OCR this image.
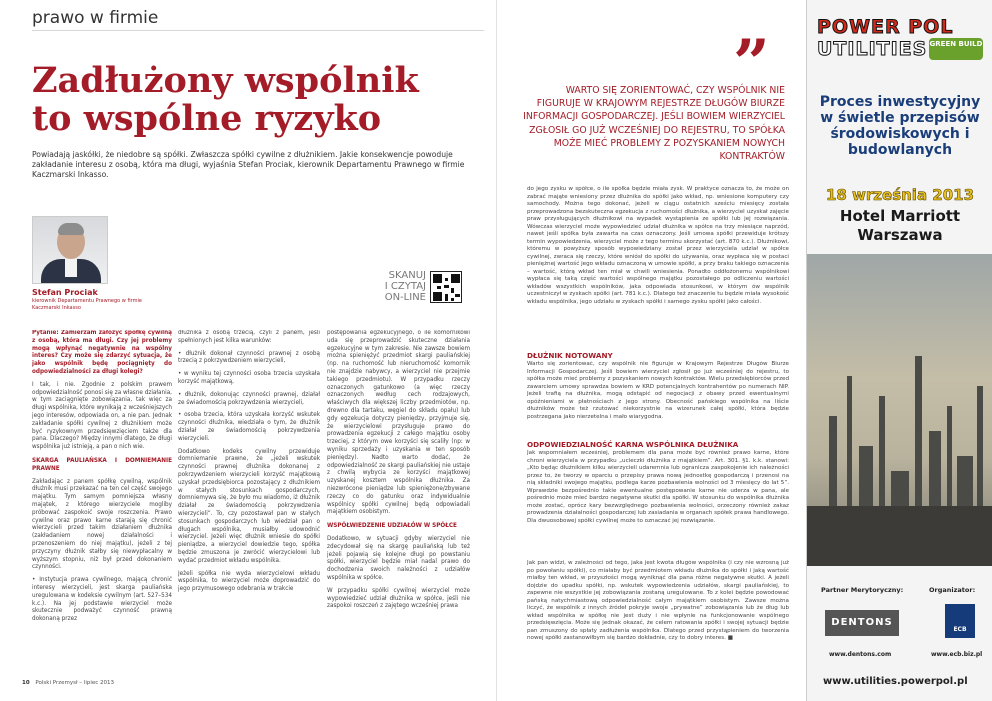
prawo w firmie
Zadłużony wspólnik
to wspólne ryzyko

Powiadają jaskółki, że niedobre są spółki. Zwłaszcza spółki cywilne z dłużnikiem. Jakie konsekwencje powoduje zakładanie interesu z osobą, która ma długi, wyjaśnia Stefan Prociak, kierownik Departamentu Prawnego w firmie Kaczmarski Inkasso.

Stefan Prociak
kierownik Departamentu Prawnego w firmie Kaczmarski Inkasso
SKANUJ
I CZYTAJ
ON-LINE

Pytanie: Zamierzam założyć spółkę cywilną z osobą, która ma długi. Czy jej problemy mogą wpłynąć negatywnie na wspólny interes? Czy może się zdarzyć sytuacja, że jako wspólnik będę pociągnięty do odpowiedzialności za długi kolegi?

I tak, i nie. Zgodnie z polskim prawem odpowiedzialność ponosi się za własne działania, w tym zaciągnięte zobowiązania, tak więc za długi wspólnika, które wynikają z wcześniejszych jego interesów, odpowiada on, a nie pan. Jednak zakładanie spółki cywilnej z dłużnikiem może być ryzykownym przedsięwzięciem także dla pana. Dlaczego? Między innymi dlatego, że długi wspólnika już istnieją, a pan o nich wie.

SKARGA PAULIAŃSKA I DOMNIEMANIE PRAWNE

Zakładając z panem spółkę cywilną, wspólnik dłużnik musi przekazać na ten cel część swojego majątku. Tym samym pomniejsza własny majątek, z którego wierzyciele mogliby próbować zaspokoić swoje roszczenia. Prawo cywilne oraz prawo karne starają się chronić wierzycieli przed takim działaniem dłużnika (zakładaniem nowej działalności i przenoszeniem do niej majątku), jeżeli z tej przyczyny dłużnik stałby się niewypłacalny w wyższym stopniu, niż był przed dokonaniem czynności.

• Instytucja prawa cywilnego, mającą chronić interesy wierzycieli, jest skarga pauliańska uregulowana w kodeksie cywilnym (art. 527–534 k.c.). Na jej podstawie wierzyciel może skutecznie podważyć czynność prawną dokonaną przez

dłużnika z osobą trzecią, czyli z panem, jeśli spełnionych jest kilka warunków:

• dłużnik dokonał czynności prawnej z osobą trzecią z pokrzywdzeniem wierzycieli,

• w wyniku tej czynności osoba trzecia uzyskała korzyść majątkową,

• dłużnik, dokonując czynności prawnej, działał ze świadomością pokrzywdzenia wierzycieli,

• osoba trzecia, która uzyskała korzyść wskutek czynności dłużnika, wiedziała o tym, że dłużnik działał ze świadomością pokrzywdzenia wierzycieli.

Dodatkowo kodeks cywilny przewiduje domniemanie prawne, że „jeżeli wskutek czynności prawnej dłużnika dokonanej z pokrzywdzeniem wierzycieli korzyść majątkową uzyskał przedsiębiorca pozostający z dłużnikiem w stałych stosunkach gospodarczych, domniemywa się, że było mu wiadomo, iż dłużnik działał ze świadomością pokrzywdzenia wierzycieli”. To, czy pozostawał pan w stałych stosunkach gospodarczych lub wiedział pan o długach wspólnika, musiałby udowodnić wierzyciel. Jeżeli więc dłużnik wniesie do spółki pieniądze, a wierzyciel dowiedzie tego, spółka będzie zmuszona je zwrócić wierzycielowi lub wydać przedmiot wkładu wspólnika.

Jeżeli spółka nie wyda wierzycielowi wkładu wspólnika, to wierzyciel może doprowadzić do jego przymusowego odebrania w trakcie

postępowania egzekucyjnego, o ile komornikowi uda się przeprowadzić skuteczne działania egzekucyjne w tym zakresie. Nie zawsze bowiem można spieniężyć przedmiot skargi pauliańskiej (np. na ruchomość lub nieruchomość komornik nie znajdzie nabywcy, a wierzyciel nie przejmie takiego przedmiotu). W przypadku rzeczy oznaczonych gatunkowo (a więc rzeczy oznaczonych według cech rodzajowych, właściwych dla większej liczby przedmiotów, np. drewno dla tartaku, węgiel do składu opału) lub gdy egzekucja dotyczy pieniędzy, przyjmuje się, że wierzycielowi przysługuje prawo do prowadzenia egzekucji z całego majątku osoby trzeciej, z którym owe korzyści się scaliły (np: w wyniku sprzedaży i uzyskania w ten sposób pieniędzy). Nadto warto dodać, że odpowiedzialność ze skargi pauliańskiej nie ustaje z chwilą wybycia ze korzyści majątkowej uzyskanej kosztem wspólnika dłużnika. Za niezwrócone pieniądze lub spieniężone/zbywane rzeczy co do gatunku oraz indywidualnie wspólnicy spółki cywilnej będą odpowiadali majątkiem osobistym.

WSPÓŁWIEDZENIE UDZIAŁÓW W SPÓŁCE

Dodatkowo, w sytuacji gdyby wierzyciel nie zdecydował się na skargę pauliańską lub też jeżeli pojawią się kolejne długi po powstaniu spółki, wierzyciel będzie miał nadal prawo do dochodzenia swoich należności z udziałów wspólnika w spółce.

W przypadku spółki cywilnej wierzyciel może wypowiedzieć udział dłużnika w spółce, jeśli nie zaspokoi roszczeń z zajętego wcześniej prawa

10 Polski Przemysł – lipiec 2013
”

WARTO SIĘ ZORIENTOWAĆ, CZY WSPÓLNIK NIE FIGURUJE W KRAJOWYM REJESTRZE DŁUGÓW BIURZE INFORMACJI GOSPODARCZEJ. JEŚLI BOWIEM WIERZYCIEL ZGŁOSIŁ GO JUŻ WCZEŚNIEJ DO REJESTRU, TO SPÓŁKA MOŻE MIEĆ PROBLEMY Z POZYSKANIEM NOWYCH KONTRAKTÓW

do jego zysku w spółce, o ile spółka będzie miała zysk. W praktyce oznacza to, że może on zabrać mająte wniesiony przez dłużnika do spółki jako wkład, np. wniesione komputery czy samochody. Można tego dokonać, jeżeli w ciągu ostatnich sześciu miesięcy została przeprowadzona bezskuteczna egzekucja z ruchomości dłużnika, a wierzyciel uzyskał zajęcie praw przysługujących dłużnikowi na wypadek wystąpienia ze spółki lub jej rozwiązania. Wówczas wierzyciel może wypowiedzieć udział dłużnika w spółce na trzy miesiące naprzód, nawet jeśli spółka była zawarta na czas oznaczony. Jeśli umowa spółki przewiduje krótszy termin wypowiedzenia, wierzyciel może z tego terminu skorzystać (art. 870 k.c.). Dłużnikowi, któremu w powyższy sposób wypowiedziany został przez wierzyciela udział w spółce cywilnej, zwraca się rzeczy, które wniósł do spółki do używania, oraz wypłaca się w postaci pieniężnej wartość jego wkładu oznaczoną w umowie spółki, a przy braku takiego oznaczenia – wartość, którą wkład ten miał w chwili wniesienia. Ponadto oddłożonemu wspólnikowi wypłaca się taką część wartości wspólnego majątku pozostałego po odliczeniu wartości wkładów wszystkich wspólników, jaka odpowiada stosunkowi, w którym ów wspólnik uczestniczył w zyskach spółki (art. 781 k.c.). Dlatego też znaczenie tu będzie miała wysokość wkładu wspólnika, jego udziału w zyskach spółki i samego zysku spółki jako całości.

DŁUŻNIK NOTOWANY

Warto się zorientować, czy wspólnik nie figuruje w Krajowym Rejestrze Długów Biurze Informacji Gospodarczej. Jeśli bowiem wierzyciel zgłosił go już wcześniej do rejestru, to spółka może mieć problemy z pozyskaniem nowych kontraktów. Wielu przedsiębiorców przed zawarciem umowy sprawdza bowiem w KRD potencjalnych kontrahentów po numerach NIP. Jeżeli trafią na dłużnika, mogą odstąpić od negocjacji z obawy przed ewentualnymi opóźnieniami w płatnościach z jego strony. Obecność pańskiego wspólnika na liście dłużników może też rzutować niekorzystnie na wizerunek całej spółki, która będzie postrzegana jako nierzetelna i mało wiarygodna.

ODPOWIEDZIALNOŚĆ KARNA WSPÓLNIKA DŁUŻNIKA

Jak wspomniałem wcześniej, problemem dla pana może być również prawo karne, które chroni wierzyciela w przypadku „ucieczki dłużnika z majątkiem”. Art. 301. §1. k.k. stanowi: „Kto będąc dłużnikiem kilku wierzycieli udaremnia lub ogranicza zaspokojenie ich należności przez to, że tworzy w oparciu o przepisy prawa nową jednostkę gospodarczą i przenosi na nią składniki swojego majątku, podlega karze pozbawienia wolności od 3 miesięcy do lat 5”. Wprawdzie bezpośrednio takie ewentualne postępowanie karne nie uderza w pana, ale pośrednio może mieć bardzo negatywne skutki dla spółki. W stosunku do wspólnika dłużnika może zostać, oprócz kary bezwzględnego pozbawienia wolności, orzeczony również zakaz prowadzenia działalności gospodarczej lub zasiadania w organach spółek prawa handlowego. Dla dwuosobowej spółki cywilnej może to oznaczać jej rozwiązanie.

Jak pan widzi, w zależności od tego, jaka jest kwota długów wspólnika (i czy nie wzrosną już po powołaniu spółki), co miałaby być przedmiotem wkładu dłużnika do spółki i jaką wartość miałby ten wkład, w przyszłości mogą wyniknąć dla pana różne negatywne skutki. A jeżeli dojdzie do upadku spółki, np. wskutek wypowiedzenia udziałów, skargi pauliańskiej, to zapewne nie wszystkie jej zobowiązania zostaną uregulowane. To z kolei będzie powodować pańską natychmiastową odpowiedzialność całym majątkiem osobistym. Zawsze można liczyć, że wspólnik z innych źródeł pokryje swoje „prywatne” zobowiązania lub że dług lub wkład wspólnika w spółkę nie jest duży i nie wpłynie na funkcjonowanie wspólnego przedsięwzięcia. Może się jednak okazać, że celem ratowania spółki i swojej sytuacji będzie pan zmuszony do spłaty zadłużenia wspólnika. Dlatego przed przystąpieniem do tworzenia nowej spółki zastanowiłbym się bardzo dokładnie, czy to dobry interes. ■

POWER POL
UTILITIES GREEN BUILD
Proces inwestycyjny w świetle przepisów środowiskowych i budowlanych
18 września 2013
Hotel Marriott
Warszawa
Partner Merytoryczny:	Organizator:
DENTONS
ECB
www.dentons.com	www.ecb.biz.pl
www.utilities.powerpol.pl
